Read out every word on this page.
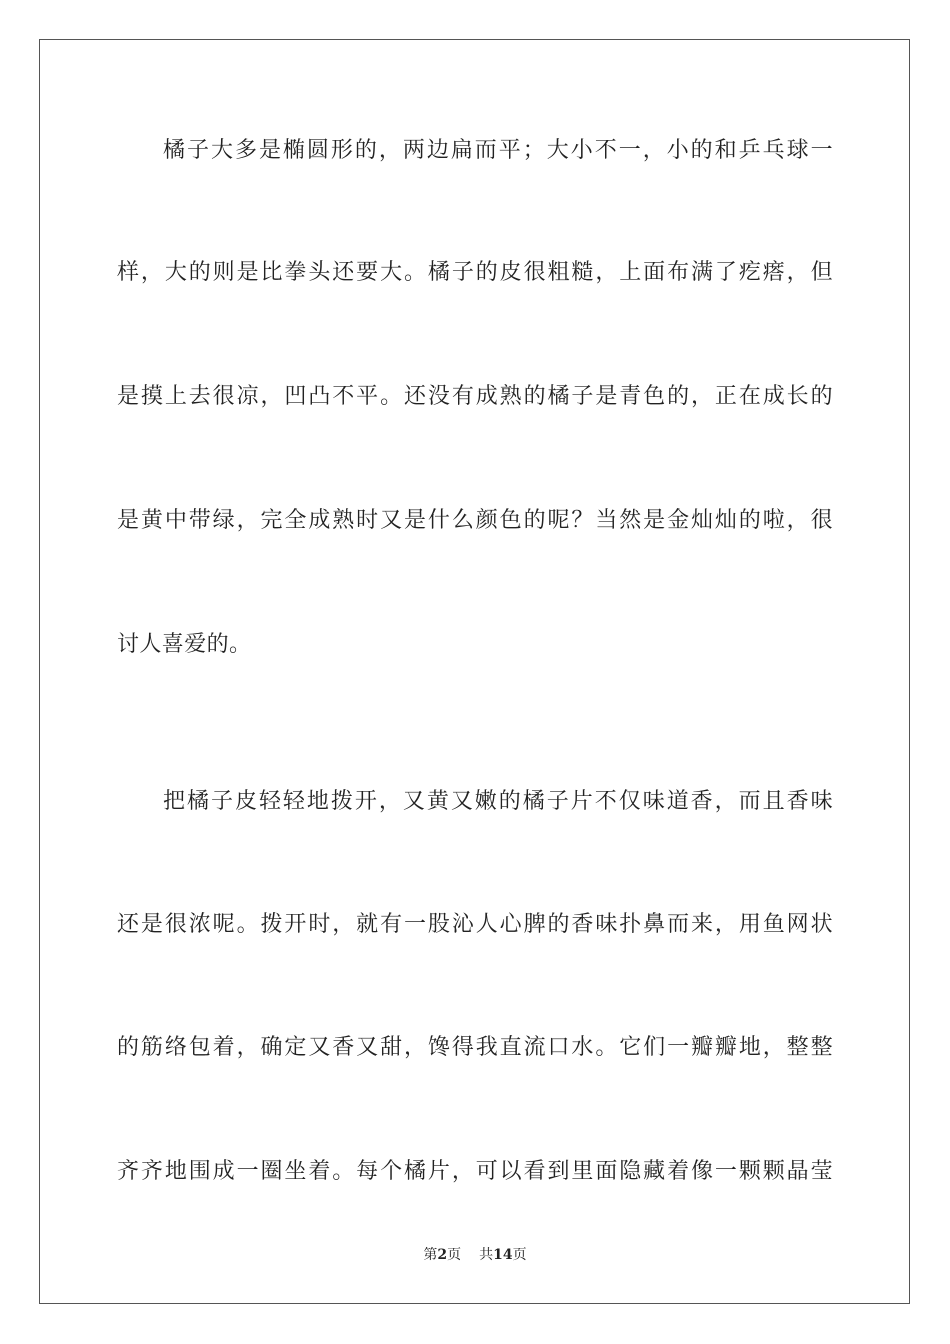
橘子大多是椭圆形的，两边扁而平；大小不一，小的和乒乓球一
样，大的则是比拳头还要大。橘子的皮很粗糙，上面布满了疙瘩，但
是摸上去很凉，凹凸不平。还没有成熟的橘子是青色的，正在成长的
是黄中带绿，完全成熟时又是什么颜色的呢？当然是金灿灿的啦，很
讨人喜爱的。
把橘子皮轻轻地拨开，又黄又嫩的橘子片不仅味道香，而且香味
还是很浓呢。拨开时，就有一股沁人心脾的香味扑鼻而来，用鱼网状
的筋络包着，确定又香又甜，馋得我直流口水。它们一瓣瓣地，整整
齐齐地围成一圈坐着。每个橘片，可以看到里面隐藏着像一颗颗晶莹
第2页 共14页
